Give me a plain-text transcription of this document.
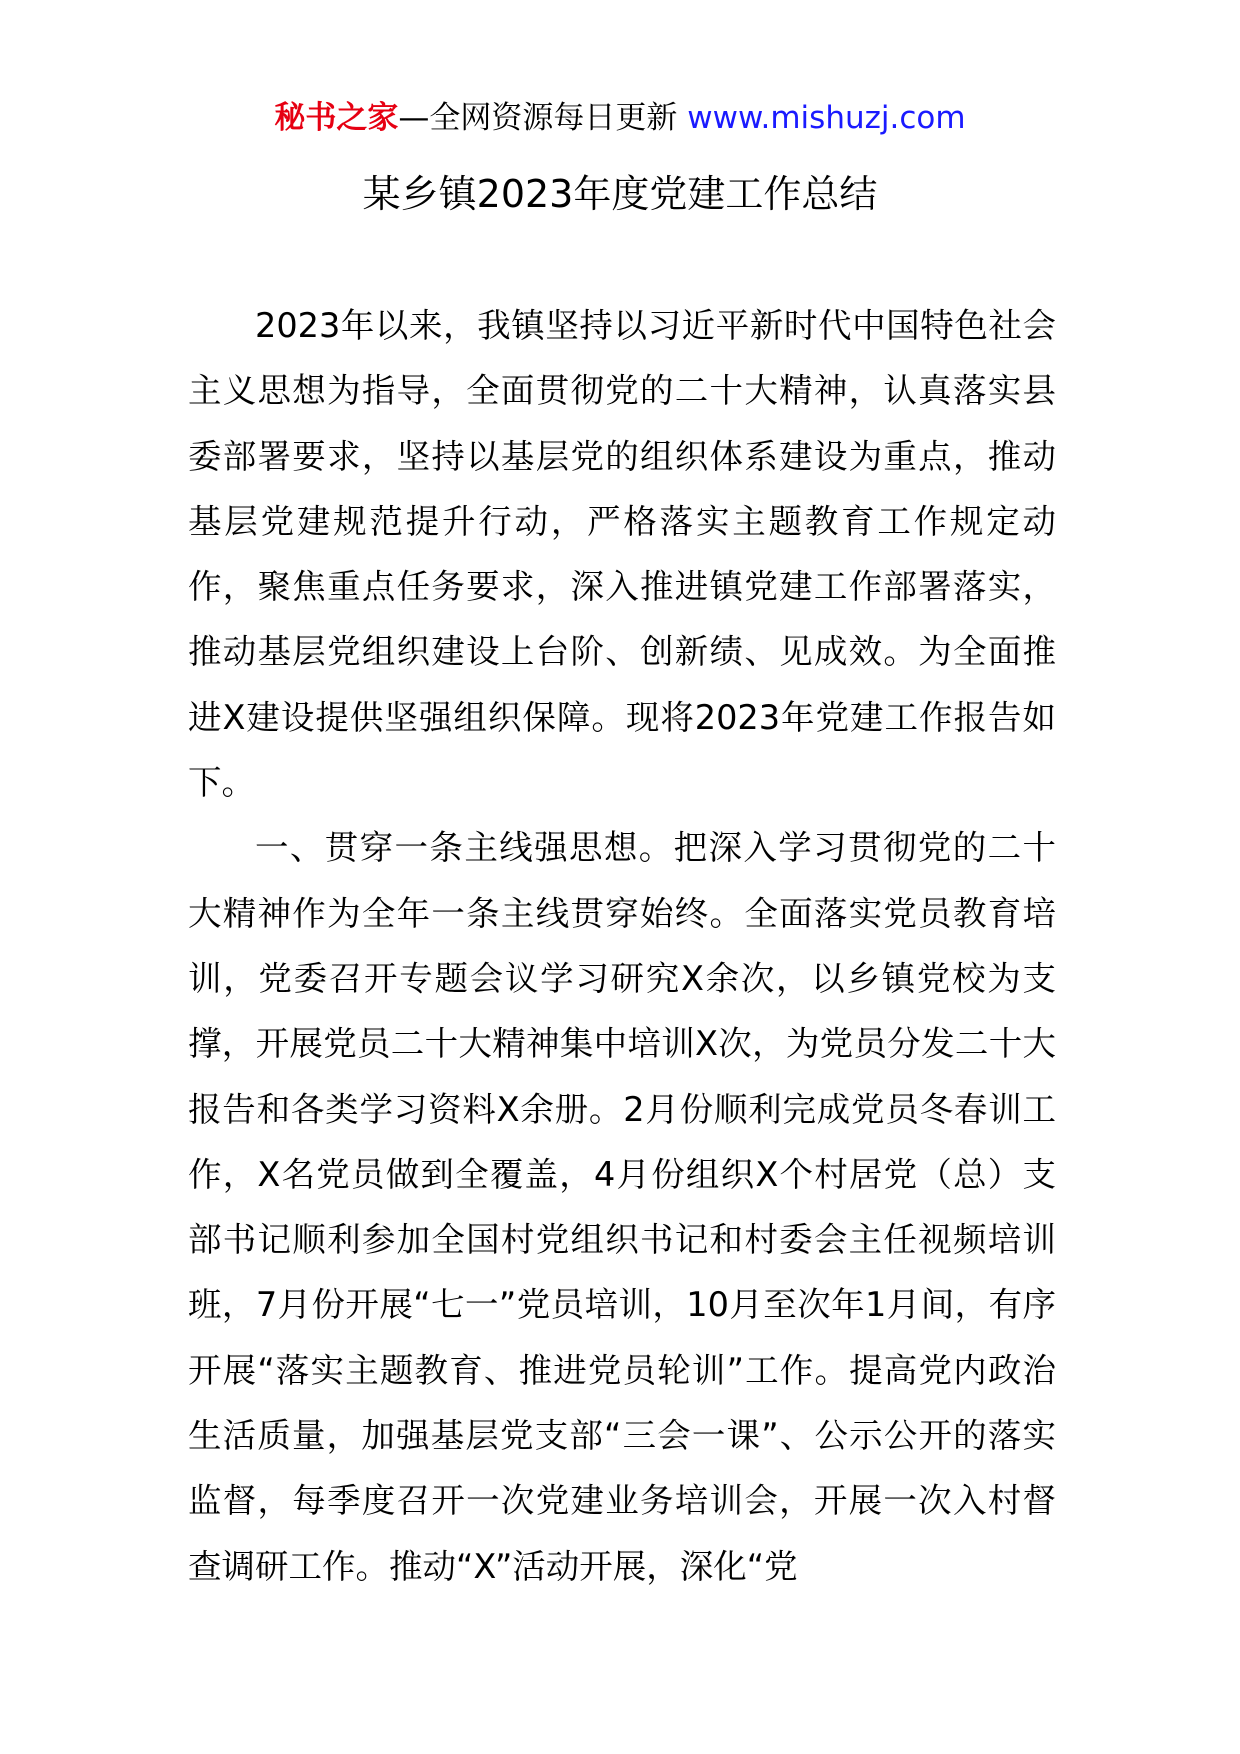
秘书之家—全网资源每日更新 www.mishuzj.com
某乡镇2023年度党建工作总结

2023年以来，我镇坚持以习近平新时代中国特色社会主义思想为指导，全面贯彻党的二十大精神，认真落实县委部署要求，坚持以基层党的组织体系建设为重点，推动基层党建规范提升行动，严格落实主题教育工作规定动作，聚焦重点任务要求，深入推进镇党建工作部署落实，推动基层党组织建设上台阶、创新绩、见成效。为全面推进X建设提供坚强组织保障。现将2023年党建工作报告如下。

一、贯穿一条主线强思想。把深入学习贯彻党的二十大精神作为全年一条主线贯穿始终。全面落实党员教育培训，党委召开专题会议学习研究X余次，以乡镇党校为支撑，开展党员二十大精神集中培训X次，为党员分发二十大报告和各类学习资料X余册。2月份顺利完成党员冬春训工作，X名党员做到全覆盖，4月份组织X个村居党（总）支部书记顺利参加全国村党组织书记和村委会主任视频培训班，7月份开展“七一”党员培训，10月至次年1月间，有序开展“落实主题教育、推进党员轮训”工作。提高党内政治生活质量，加强基层党支部“三会一课”、公示公开的落实监督，每季度召开一次党建业务培训会，开展一次入村督查调研工作。推动“X”活动开展，深化“党
